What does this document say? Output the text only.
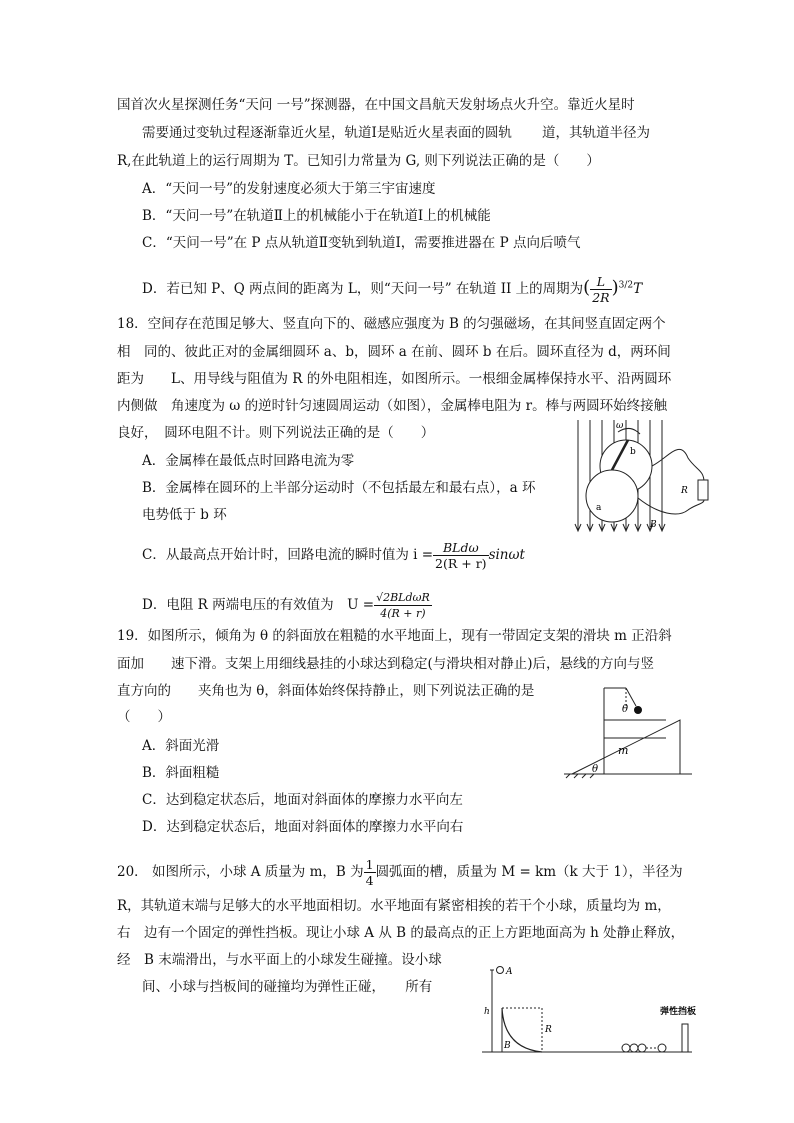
国首次火星探测任务“天问 一号”探测器，在中国文昌航天发射场点火升空。靠近火星时
需要通过变轨过程逐渐靠近火星，轨道Ⅰ是贴近火星表面的圆轨 道，其轨道半径为
R,在此轨道上的运行周期为 T。已知引力常量为 G, 则下列说法正确的是（　　）
A．“天问一号”的发射速度必须大于第三宇宙速度
B．“天问一号”在轨道Ⅱ上的机械能小于在轨道Ⅰ上的机械能
C．“天问一号”在 P 点从轨道Ⅱ变轨到轨道Ⅰ，需要推进器在 P 点向后喷气
D．若已知 P、Q 两点间的距离为 L，则“天问一号” 在轨道 II 上的周期为( $\frac{L}{2R} )^{3/2}T$
18．空间存在范围足够大、竖直向下的、磁感应强度为 B 的匀强磁场，在其间竖直固定两个
相　同的、彼此正对的金属细圆环 a、b，圆环 a 在前、圆环 b 在后。圆环直径为 d，两环间
距为　　L、用导线与阻值为 R 的外电阻相连，如图所示。一根细金属棒保持水平、沿两圆环
内侧做　角速度为 ω 的逆时针匀速圆周运动（如图），金属棒电阻为 r。棒与两圆环始终接触
良好，　圆环电阻不计。则下列说法正确的是（　　）
A．金属棒在最低点时回路电流为零
B．金属棒在圆环的上半部分运动时（不包括最左和最右点），a 环
电势低于 b 环
C．从最高点开始计时，回路电流的瞬时值为 $i = \frac{\text{BLdω}}{2(R + r)}$ sinωt
D．电阻 R 两端电压的有效值为　$U = \frac{\text{√2BLdωR}}{4(R + r)}$
ω
b
a
R
B
19．如图所示，倾角为 θ 的斜面放在粗糙的水平地面上，现有一带固定支架的滑块 m 正沿斜
面加　　速下滑。支架上用细线悬挂的小球达到稳定(与滑块相对静止)后，悬线的方向与竖
直方向的　　夹角也为 θ，斜面体始终保持静止，则下列说法正确的是
（　　）
A．斜面光滑
B．斜面粗糙
C．达到稳定状态后，地面对斜面体的摩擦力水平向左
D．达到稳定状态后，地面对斜面体的摩擦力水平向右
θ
m
θ
20． 如图所示，小球 A 质量为 m，B 为 $\frac{1}{4}$ 圆弧面的槽，质量为 M = km（k 大于 1），半径为
R，其轨道末端与足够大的水平地面相切。水平地面有紧密相挨的若干个小球，质量均为 m，
右　边有一个固定的弹性挡板。现让小球 A 从 B 的最高点的正上方距地面高为 h 处静止释放，
经　B 末端滑出，与水平面上的小球发生碰撞。设小球
间、小球与挡板间的碰撞均为弹性正碰，　　所有
A
h
R
B
弹性挡板
